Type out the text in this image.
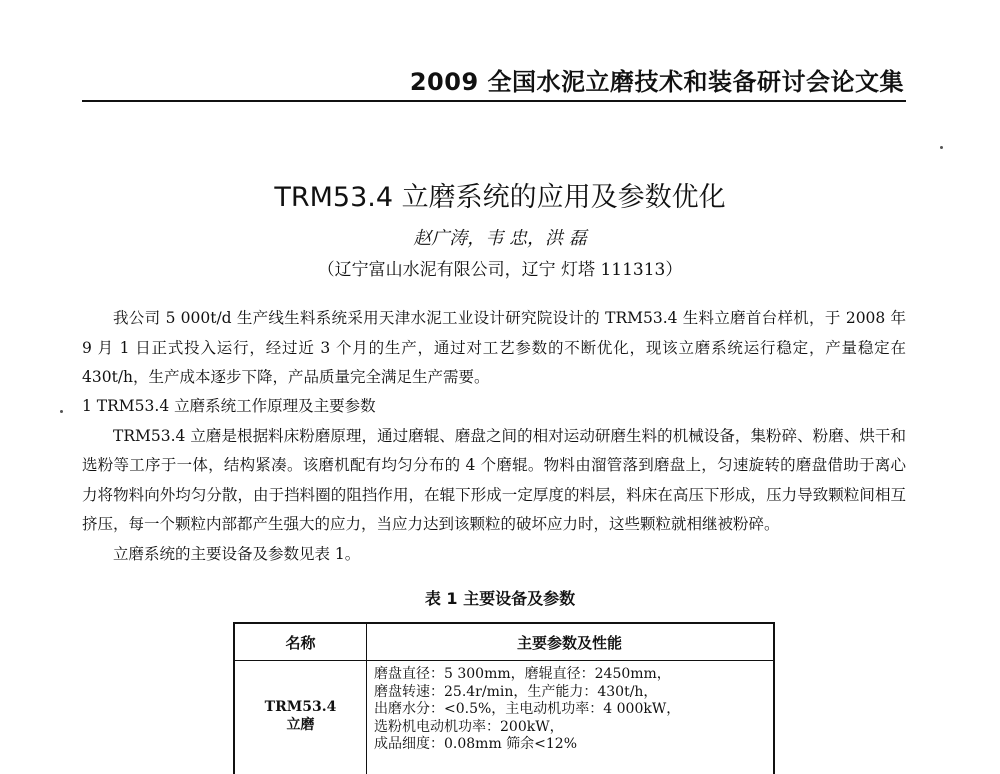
2009 全国水泥立磨技术和装备研讨会论文集
TRM53.4 立磨系统的应用及参数优化
赵广涛，韦 忠，洪 磊
（辽宁富山水泥有限公司，辽宁 灯塔 111313）

我公司 5 000t/d 生产线生料系统采用天津水泥工业设计研究院设计的 TRM53.4 生料立磨首台样机，于 2008 年 9 月 1 日正式投入运行，经过近 3 个月的生产，通过对工艺参数的不断优化，现该立磨系统运行稳定，产量稳定在 430t/h，生产成本逐步下降，产品质量完全满足生产需要。

1 TRM53.4 立磨系统工作原理及主要参数

TRM53.4 立磨是根据料床粉磨原理，通过磨辊、磨盘之间的相对运动研磨生料的机械设备，集粉碎、粉磨、烘干和选粉等工序于一体，结构紧凑。该磨机配有均匀分布的 4 个磨辊。物料由溜管落到磨盘上，匀速旋转的磨盘借助于离心力将物料向外均匀分散，由于挡料圈的阻挡作用，在辊下形成一定厚度的料层，料床在高压下形成，压力导致颗粒间相互挤压，每一个颗粒内部都产生强大的应力，当应力达到该颗粒的破坏应力时，这些颗粒就相继被粉碎。

立磨系统的主要设备及参数见表 1。

表 1 主要设备及参数
名称	主要参数及性能
TRM53.4
立磨
磨盘直径：5 300mm，磨辊直径：2450mm，
磨盘转速：25.4r/min，生产能力：430t/h，
出磨水分：<0.5%，主电动机功率：4 000kW，
选粉机电动机功率：200kW，
成品细度：0.08mm 筛余<12%
